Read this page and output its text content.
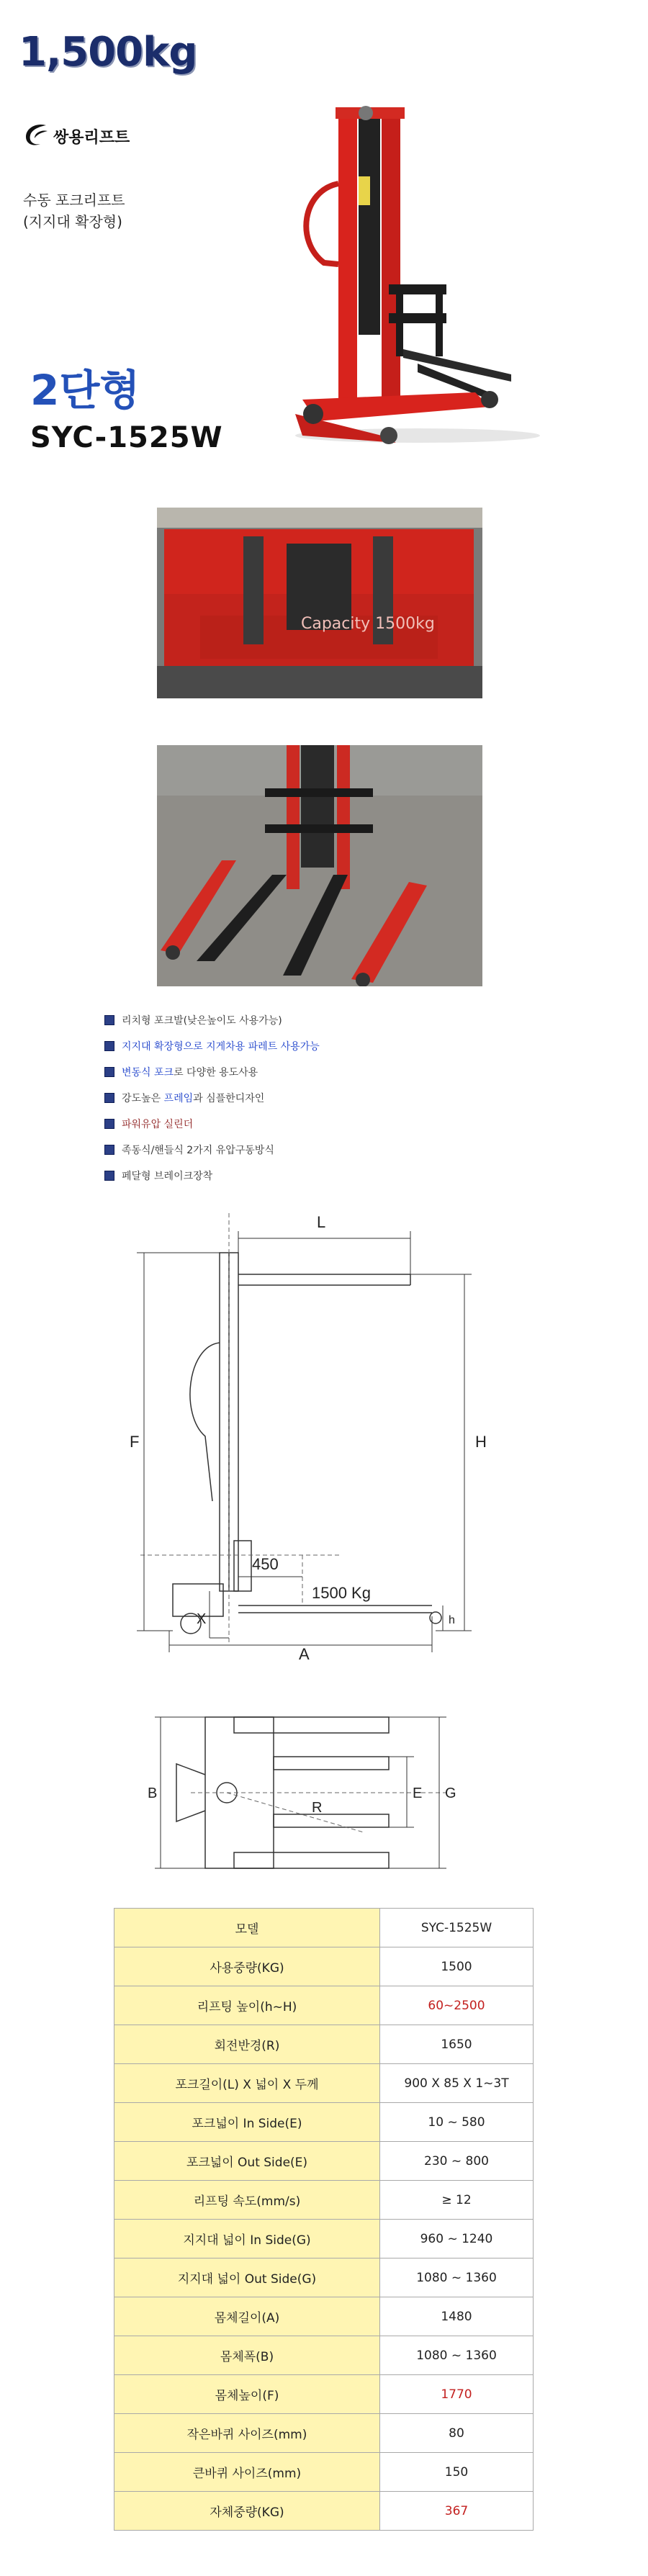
1,500kg
쌍용리프트
수동 포크리프트
(지지대 확장형)
2단형
SYC-1525W
Capacity 1500kg
리치형 포크발(낮은높이도 사용가능)
지지대 확장형으로 지게차용 파레트 사용가능
변동식 포크로 다양한 용도사용
강도높은 프레임과 심플한디자인
파워유압 실린더
족동식/핸들식 2가지 유압구동방식
페달형 브레이크장착
L
F	H
450
1500 Kg
X	h
A
B
R
E G
모델	SYC-1525W
사용중량(KG)	1500
리프팅 높이(h~H)	60~2500
회전반경(R)	1650
포크길이(L) X 넓이 X 두께	900 X 85 X 1~3T
포크넓이 In Side(E)	10 ~ 580
포크넓이 Out Side(E)	230 ~ 800
리프팅 속도(mm/s)	≥ 12
지지대 넓이 In Side(G)	960 ~ 1240
지지대 넓이 Out Side(G)	1080 ~ 1360
몸체길이(A)	1480
몸체폭(B)	1080 ~ 1360
몸체높이(F)	1770
작은바퀴 사이즈(mm)	80
큰바퀴 사이즈(mm)	150
자체중량(KG)	367
